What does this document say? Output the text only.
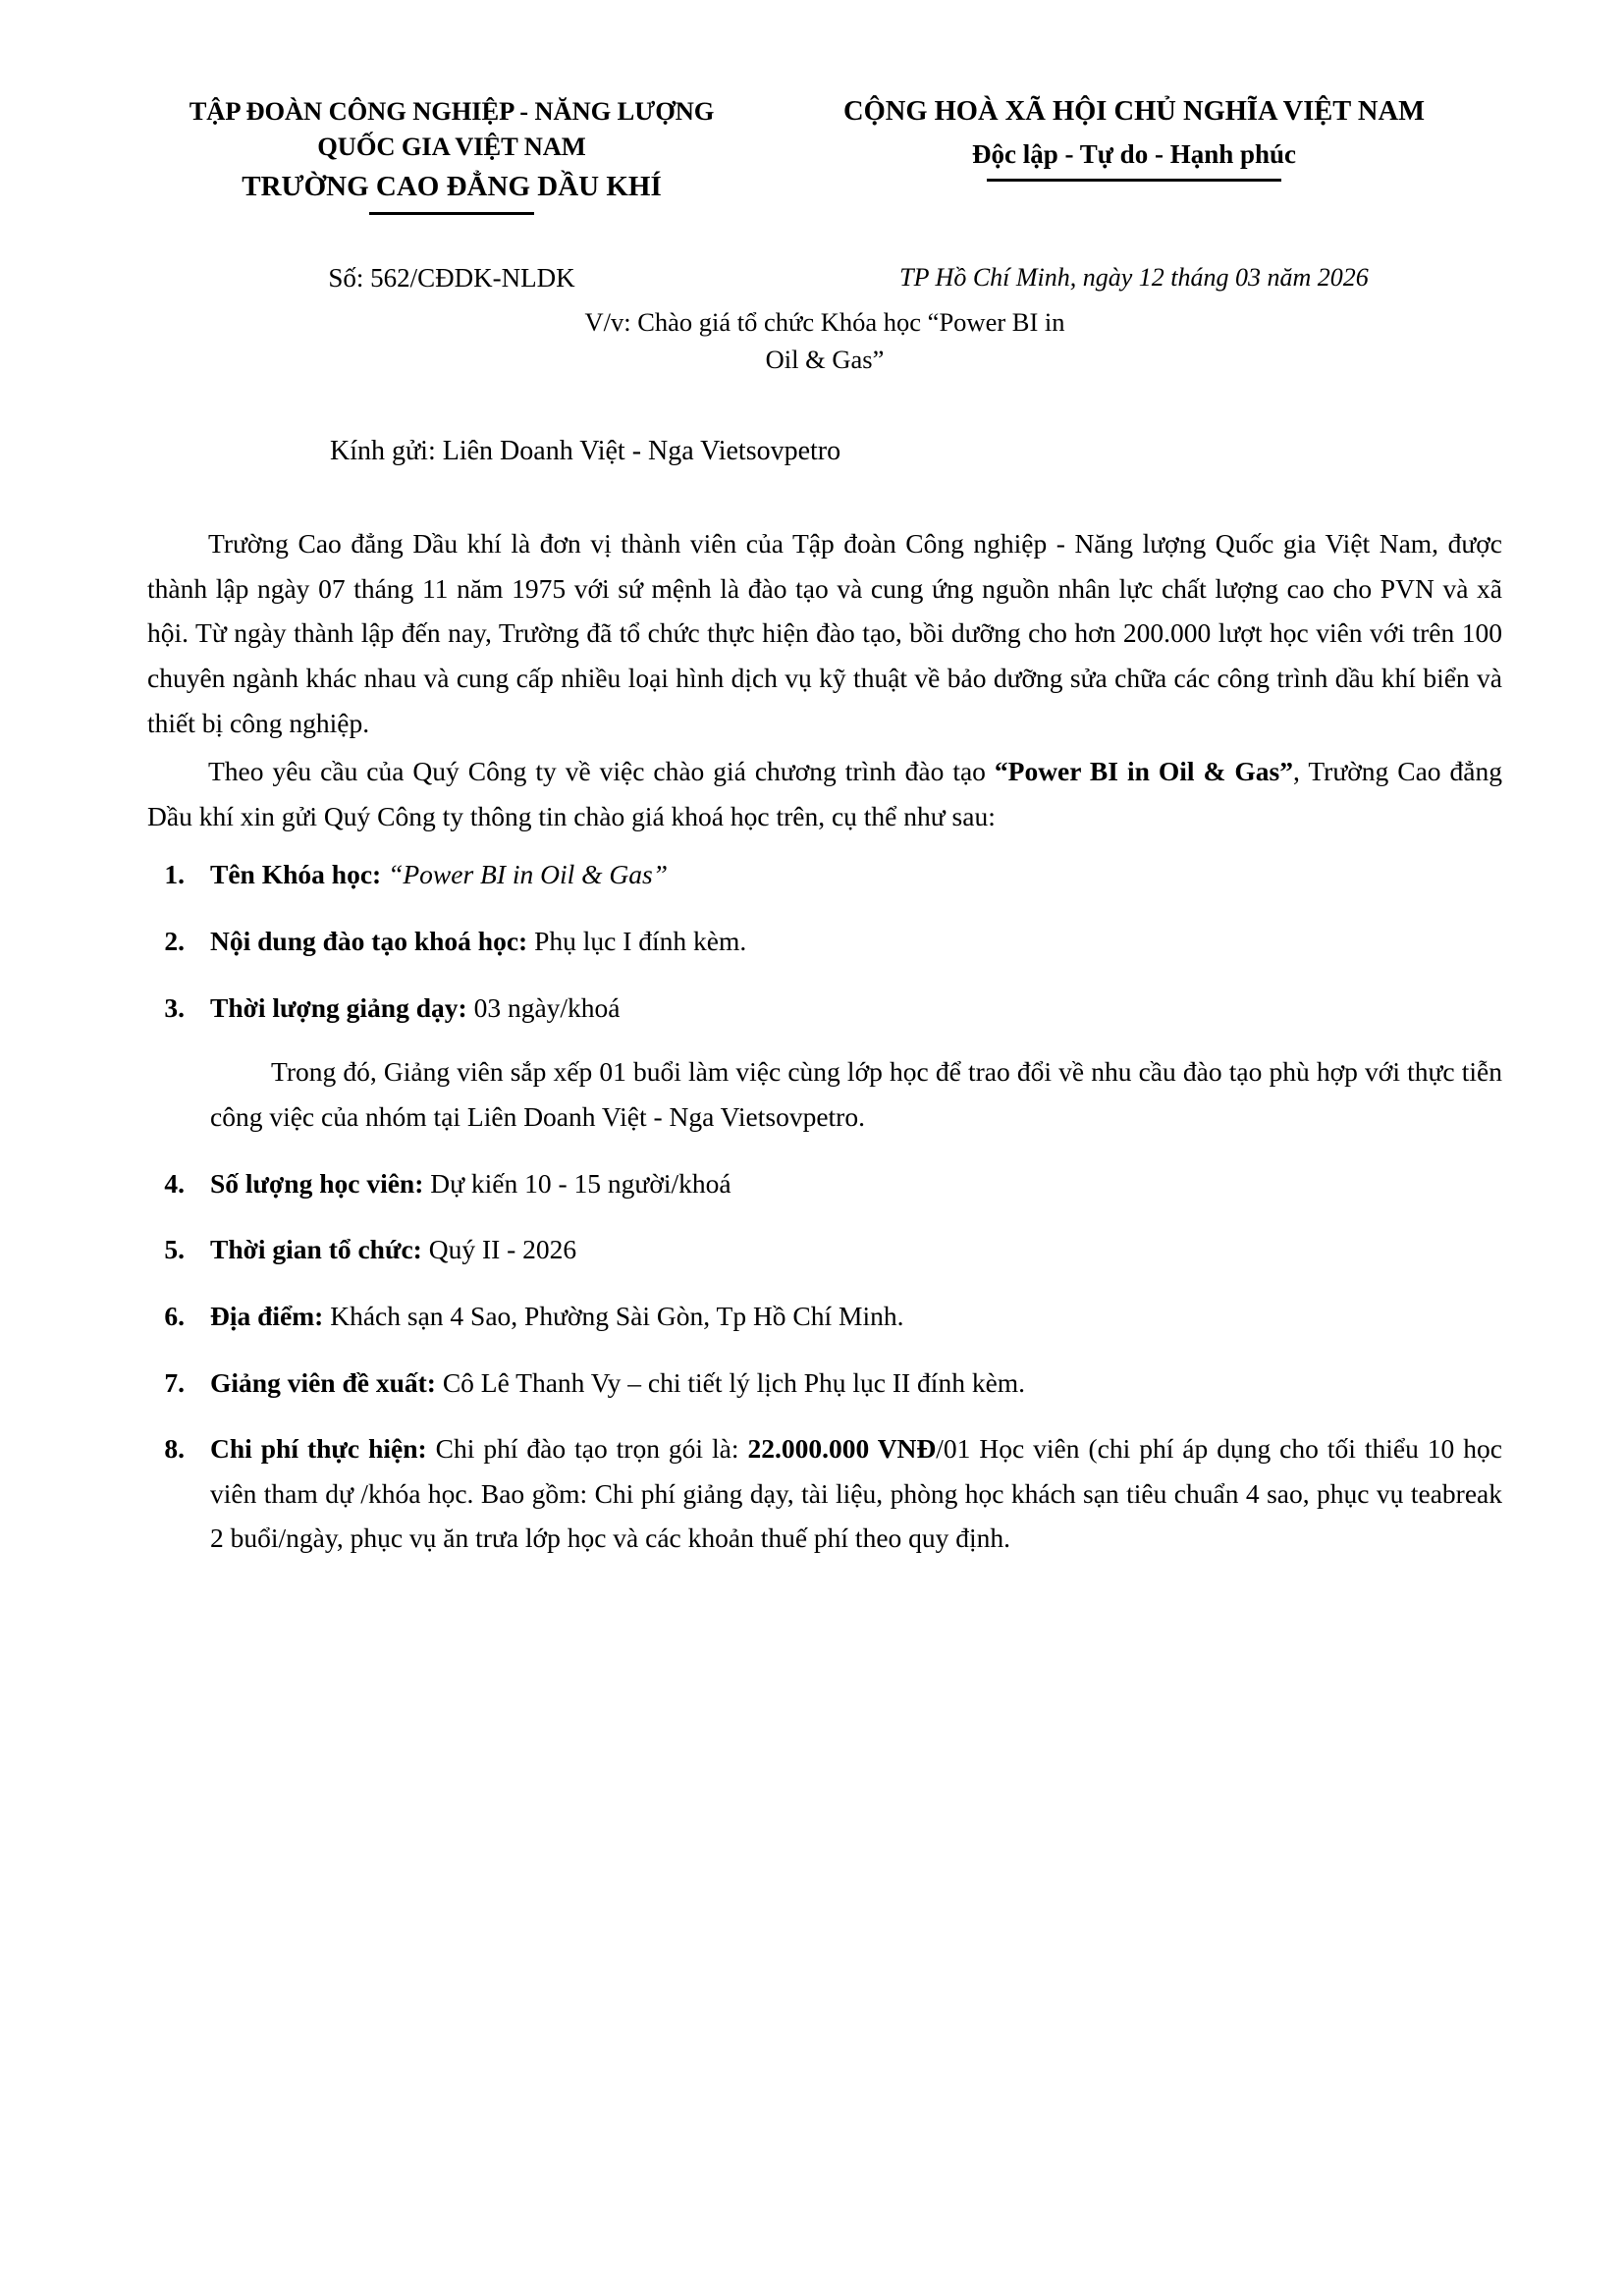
TẬP ĐOÀN CÔNG NGHIỆP - NĂNG LƯỢNG
QUỐC GIA VIỆT NAM
TRƯỜNG CAO ĐẲNG DẦU KHÍ
CỘNG HOÀ XÃ HỘI CHỦ NGHĨA VIỆT NAM
Độc lập - Tự do - Hạnh phúc
Số: 562/CĐDK-NLDK	TP Hồ Chí Minh, ngày 12 tháng 03 năm 2026
V/v: Chào giá tổ chức Khóa học “Power BI in
Oil & Gas”
Kính gửi: Liên Doanh Việt - Nga Vietsovpetro

Trường Cao đẳng Dầu khí là đơn vị thành viên của Tập đoàn Công nghiệp - Năng lượng Quốc gia Việt Nam, được thành lập ngày 07 tháng 11 năm 1975 với sứ mệnh là đào tạo và cung ứng nguồn nhân lực chất lượng cao cho PVN và xã hội. Từ ngày thành lập đến nay, Trường đã tổ chức thực hiện đào tạo, bồi dưỡng cho hơn 200.000 lượt học viên với trên 100 chuyên ngành khác nhau và cung cấp nhiều loại hình dịch vụ kỹ thuật về bảo dưỡng sửa chữa các công trình dầu khí biển và thiết bị công nghiệp.

Theo yêu cầu của Quý Công ty về việc chào giá chương trình đào tạo “Power BI in Oil & Gas”, Trường Cao đẳng Dầu khí xin gửi Quý Công ty thông tin chào giá khoá học trên, cụ thể như sau:

1. Tên Khóa học: “Power BI in Oil & Gas”
2. Nội dung đào tạo khoá học: Phụ lục I đính kèm.
3. Thời lượng giảng dạy: 03 ngày/khoá
Trong đó, Giảng viên sắp xếp 01 buổi làm việc cùng lớp học để trao đổi về nhu cầu đào tạo phù hợp với thực tiễn công việc của nhóm tại Liên Doanh Việt - Nga Vietsovpetro.
4. Số lượng học viên: Dự kiến 10 - 15 người/khoá
5. Thời gian tổ chức: Quý II - 2026
6. Địa điểm: Khách sạn 4 Sao, Phường Sài Gòn, Tp Hồ Chí Minh.
7. Giảng viên đề xuất: Cô Lê Thanh Vy – chi tiết lý lịch Phụ lục II đính kèm.
8. Chi phí thực hiện: Chi phí đào tạo trọn gói là: 22.000.000 VNĐ/01 Học viên (chi phí áp dụng cho tối thiểu 10 học viên tham dự /khóa học. Bao gồm: Chi phí giảng dạy, tài liệu, phòng học khách sạn tiêu chuẩn 4 sao, phục vụ teabreak 2 buổi/ngày, phục vụ ăn trưa lớp học và các khoản thuế phí theo quy định.
